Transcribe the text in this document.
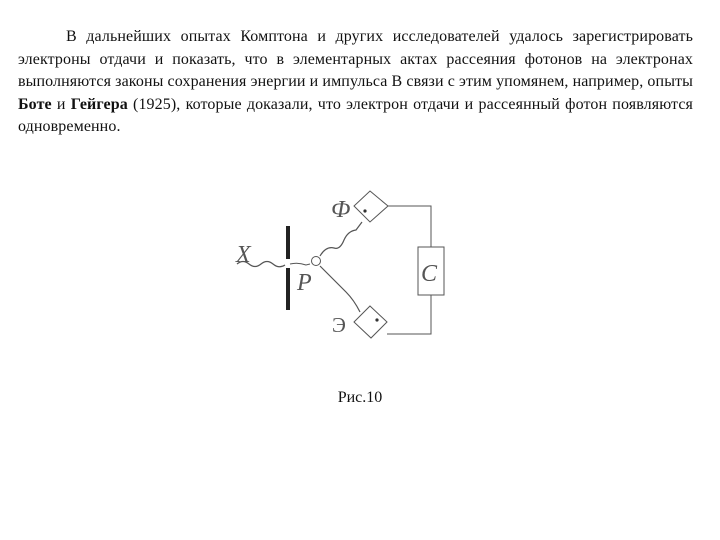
В дальнейших опытах Комптона и других исследователей удалось зарегистрировать электроны отдачи и показать, что в элементарных актах рассеяния фотонов на электронах выполняются законы сохранения энергии и импульса В связи с этим упомянем, например, опыты Боте и Гейгера (1925), которые доказали, что электрон отдачи и рассеянный фотон появляются одновременно.

X
P
Ф
Э
C
Рис.10
